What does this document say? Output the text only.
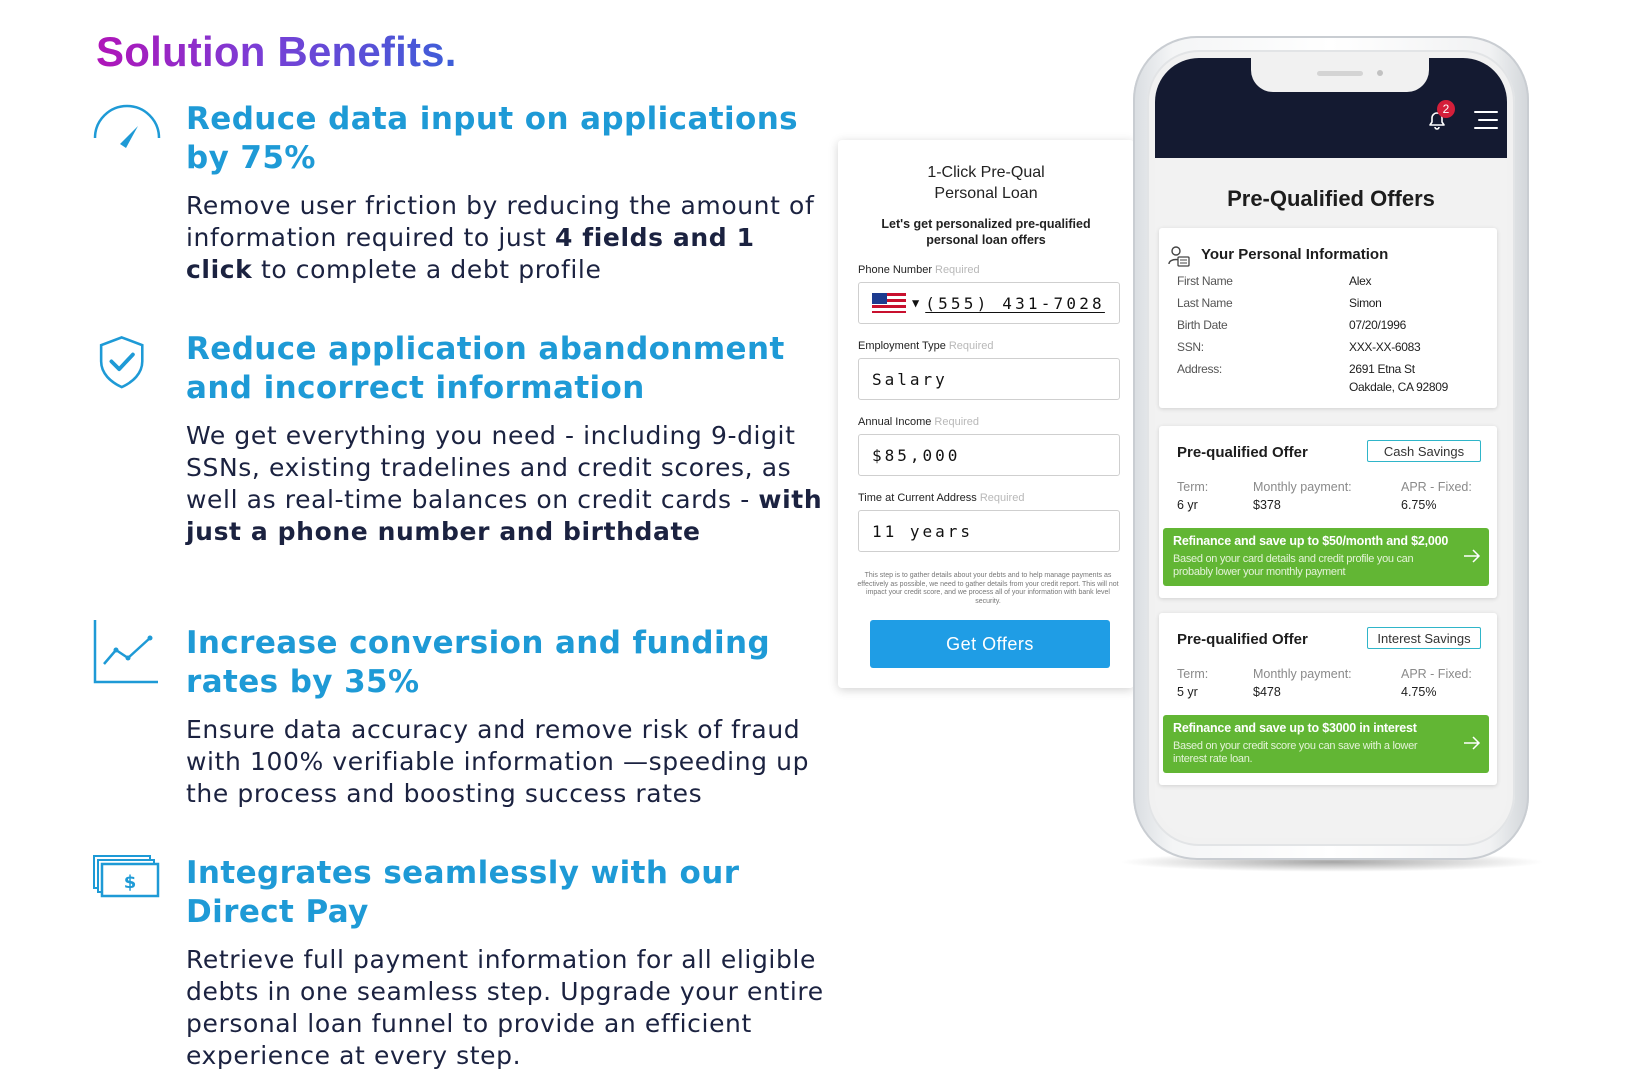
Solution Benefits.
Reduce data input on applications by 75%

Remove user friction by reducing the amount of information required to just 4 fields and 1 click to complete a debt profile

Reduce application abandonment and incorrect information

We get everything you need - including 9-digit SSNs, existing tradelines and credit scores, as well as real-time balances on credit cards - with just a phone number and birthdate

Increase conversion and funding rates by 35%

Ensure data accuracy and remove risk of fraud with 100% verifiable information —speeding up the process and boosting success rates

$ Integrates seamlessly with our Direct Pay

Retrieve full payment information for all eligible debts in one seamless step. Upgrade your entire personal loan funnel to provide an efficient experience at every step.

1-Click Pre-Qual
Personal Loan
Let's get personalized pre-qualified personal loan offers
Phone Number Required
▼ (555) 431-7028
Employment Type Required
Salary
Annual Income Required
$85,000
Time at Current Address Required
11 years
This step is to gather details about your debts and to help manage payments as effectively as possible, we need to gather details from your credit report. This will not impact your credit score, and we process all of your information with bank level security.
Get Offers
2
Pre-Qualified Offers
Your Personal Information
First Name	Alex
Last Name	Simon
Birth Date	07/20/1996
SSN:	XXX-XX-6083
Address:	2691 Etna St
Oakdale, CA 92809
Pre-qualified Offer	Cash Savings
Term:
6 yr
Monthly payment:
$378
APR - Fixed:
6.75%
Refinance and save up to $50/month and $2,000
Based on your card details and credit profile you can probably lower your monthly payment
Pre-qualified Offer	Interest Savings
Term:
5 yr
Monthly payment:
$478
APR - Fixed:
4.75%
Refinance and save up to $3000 in interest
Based on your credit score you can save with a lower interest rate loan.
